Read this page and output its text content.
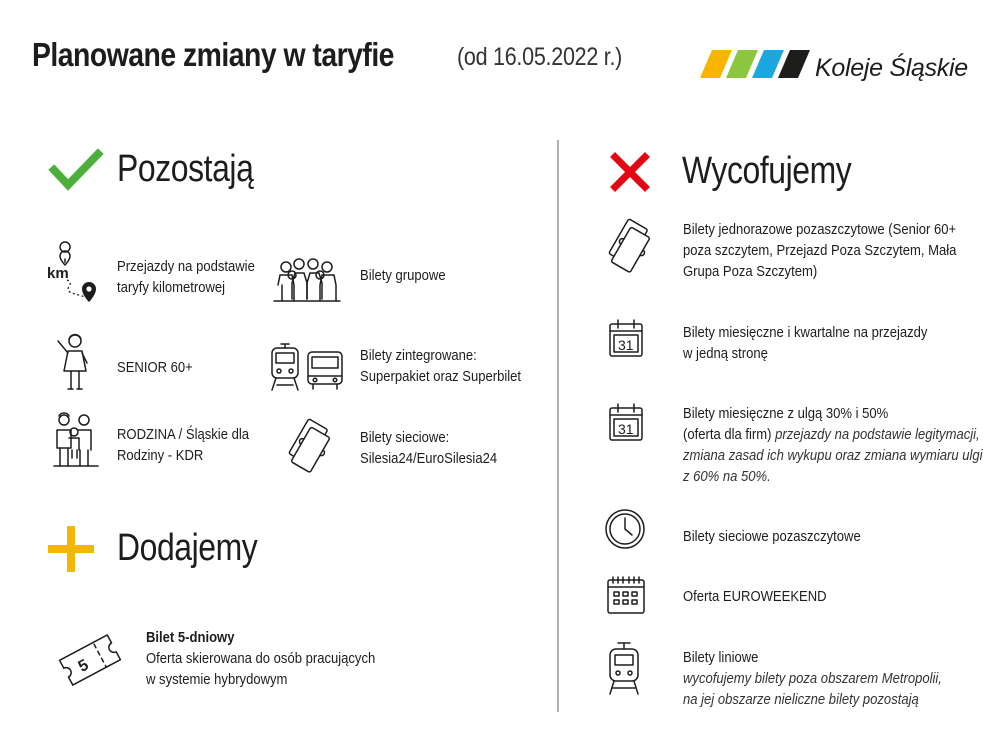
Planowane zmiany w taryfie	(od 16.05.2022 r.)	Koleje Śląskie
Pozostają
km	Przejazdy na podstawie
taryfy kilometrowej
Bilety grupowe
SENIOR 60+
Bilety zintegrowane:
Superpakiet oraz Superbilet
RODZINA / Śląskie dla
Rodziny - KDR
Bilety sieciowe:
Silesia24/EuroSilesia24
Dodajemy
5
Bilet 5-dniowy
Oferta skierowana do osób pracujących
w systemie hybrydowym
Wycofujemy
Bilety jednorazowe pozaszczytowe (Senior 60+
poza szczytem, Przejazd Poza Szczytem, Mała
Grupa Poza Szczytem)
31
Bilety miesięczne i kwartalne na przejazdy
w jedną stronę
31
Bilety miesięczne z ulgą 30% i 50%
(oferta dla firm) przejazdy na podstawie legitymacji,
zmiana zasad ich wykupu oraz zmiana wymiaru ulgi
z 60% na 50%.
Bilety sieciowe pozaszczytowe
Oferta EUROWEEKEND
Bilety liniowe
wycofujemy bilety poza obszarem Metropolii,
na jej obszarze nieliczne bilety pozostają
